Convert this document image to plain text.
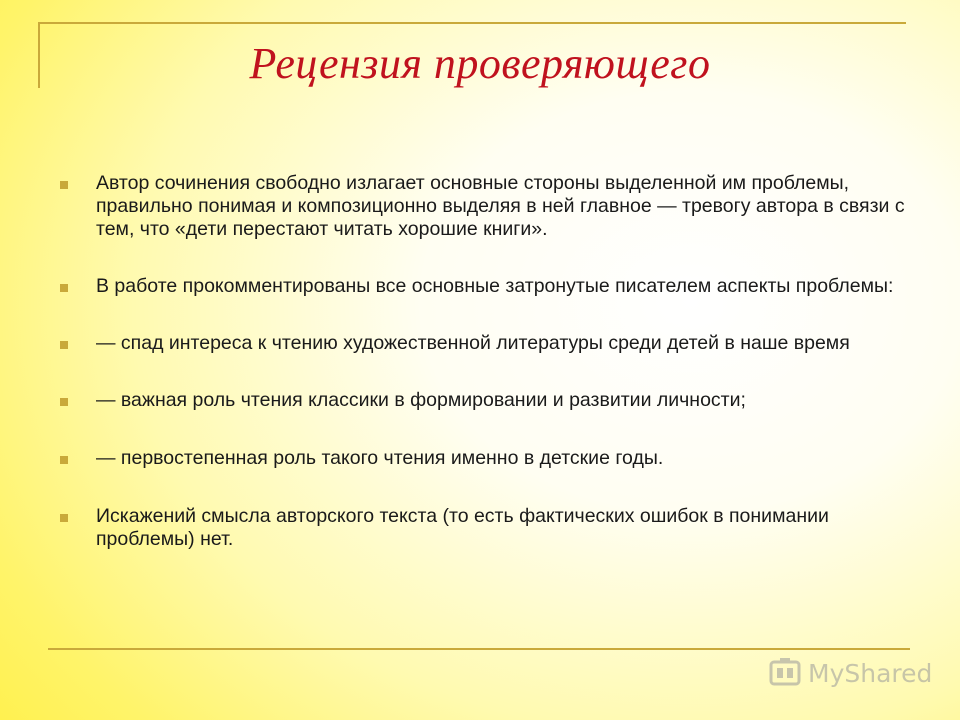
Рецензия проверяющего
Автор сочинения свободно излагает основные стороны выделенной им проблемы, правильно понимая и композиционно выделяя в ней главное — тревогу автора в связи с тем, что «дети перестают читать хорошие книги».
В работе прокомментированы все основные затронутые писателем аспекты проблемы:
— спад интереса к чтению художественной литературы среди детей в наше время
— важная роль чтения классики в формировании и развитии личности;
— первостепенная роль такого чтения именно в детские годы.
Искажений смысла авторского текста (то есть фактических ошибок в понимании проблемы) нет.
MyShared
